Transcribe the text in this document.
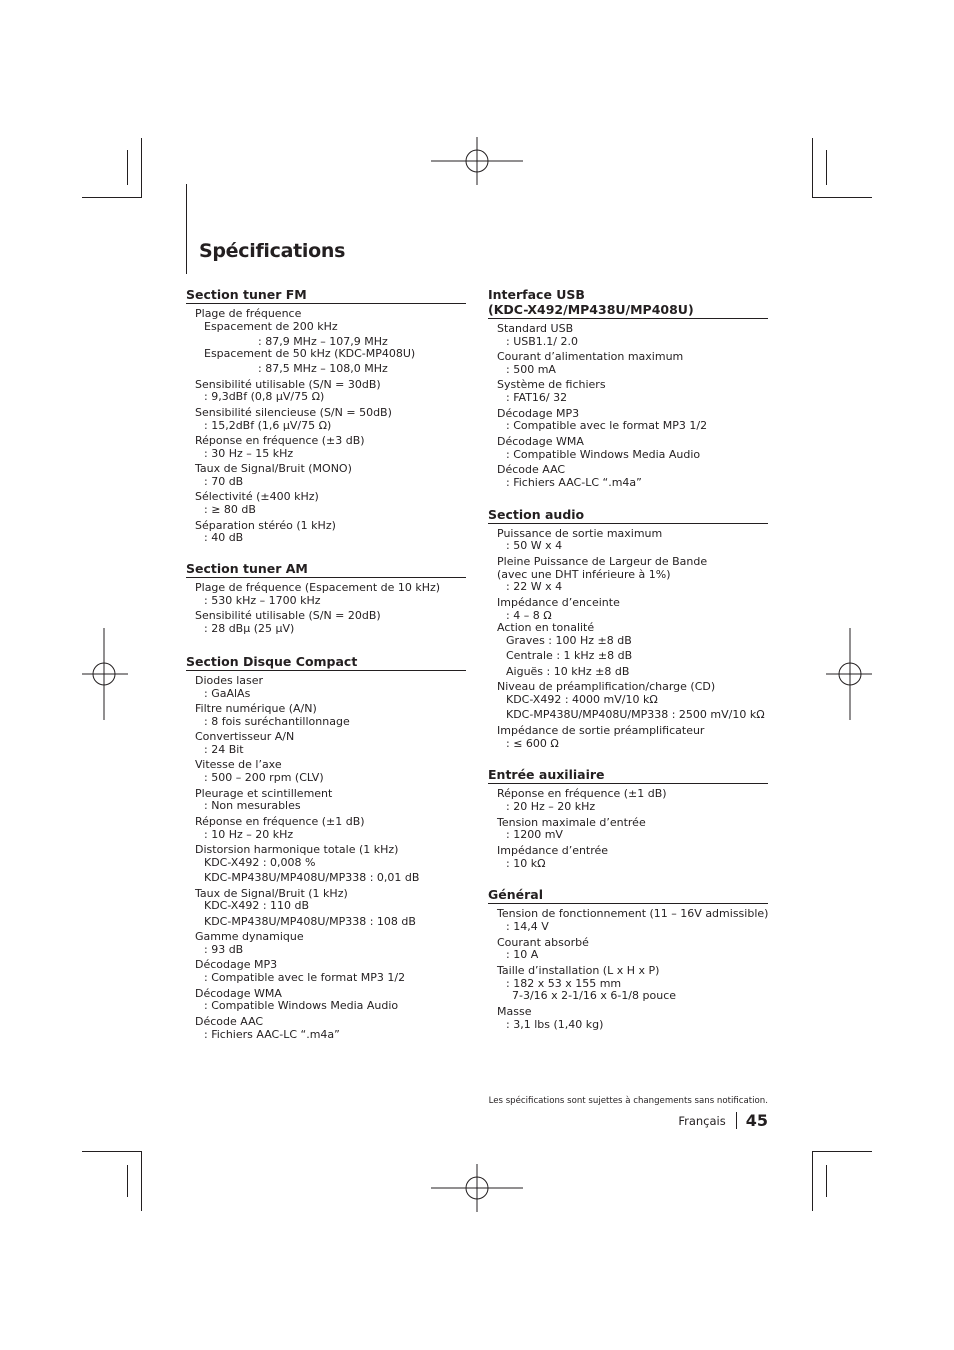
Spécifications
Section tuner FM
Plage de fréquence
Espacement de 200 kHz
: 87,9 MHz – 107,9 MHz
Espacement de 50 kHz (KDC-MP408U)
: 87,5 MHz – 108,0 MHz
Sensibilité utilisable (S/N = 30dB)
: 9,3dBf (0,8 μV/75 Ω)
Sensibilité silencieuse (S/N = 50dB)
: 15,2dBf (1,6 μV/75 Ω)
Réponse en fréquence (±3 dB)
: 30 Hz – 15 kHz
Taux de Signal/Bruit (MONO)
: 70 dB
Sélectivité (±400 kHz)
: ≥ 80 dB
Séparation stéréo (1 kHz)
: 40 dB
Section tuner AM
Plage de fréquence (Espacement de 10 kHz)
: 530 kHz – 1700 kHz
Sensibilité utilisable (S/N = 20dB)
: 28 dBμ (25 μV)
Section Disque Compact
Diodes laser
: GaAlAs
Filtre numérique (A/N)
: 8 fois suréchantillonnage
Convertisseur A/N
: 24 Bit
Vitesse de l’axe
: 500 – 200 rpm (CLV)
Pleurage et scintillement
: Non mesurables
Réponse en fréquence (±1 dB)
: 10 Hz – 20 kHz
Distorsion harmonique totale (1 kHz)
KDC-X492 : 0,008 %
KDC-MP438U/MP408U/MP338 : 0,01 dB
Taux de Signal/Bruit (1 kHz)
KDC-X492 : 110 dB
KDC-MP438U/MP408U/MP338 : 108 dB
Gamme dynamique
: 93 dB
Décodage MP3
: Compatible avec le format MP3 1/2
Décodage WMA
: Compatible Windows Media Audio
Décode AAC
: Fichiers AAC-LC “.m4a”
Interface USB
(KDC-X492/MP438U/MP408U)
Standard USB
: USB1.1/ 2.0
Courant d’alimentation maximum
: 500 mA
Système de fichiers
: FAT16/ 32
Décodage MP3
: Compatible avec le format MP3 1/2
Décodage WMA
: Compatible Windows Media Audio
Décode AAC
: Fichiers AAC-LC “.m4a”
Section audio
Puissance de sortie maximum
: 50 W x 4
Pleine Puissance de Largeur de Bande
(avec une DHT inférieure à 1%)
: 22 W x 4
Impédance d’enceinte
: 4 – 8 Ω
Action en tonalité
Graves : 100 Hz ±8 dB
Centrale : 1 kHz ±8 dB
Aiguës : 10 kHz ±8 dB
Niveau de préamplification/charge (CD)
KDC-X492 : 4000 mV/10 kΩ
KDC-MP438U/MP408U/MP338 : 2500 mV/10 kΩ
Impédance de sortie préamplificateur
: ≤ 600 Ω
Entrée auxiliaire
Réponse en fréquence (±1 dB)
: 20 Hz – 20 kHz
Tension maximale d’entrée
: 1200 mV
Impédance d’entrée
: 10 kΩ
Général
Tension de fonctionnement (11 – 16V admissible)
: 14,4 V
Courant absorbé
: 10 A
Taille d’installation (L x H x P)
: 182 x 53 x 155 mm
7-3/16 x 2-1/16 x 6-1/8 pouce
Masse
: 3,1 lbs (1,40 kg)
Les spécifications sont sujettes à changements sans notification.
Français 45
